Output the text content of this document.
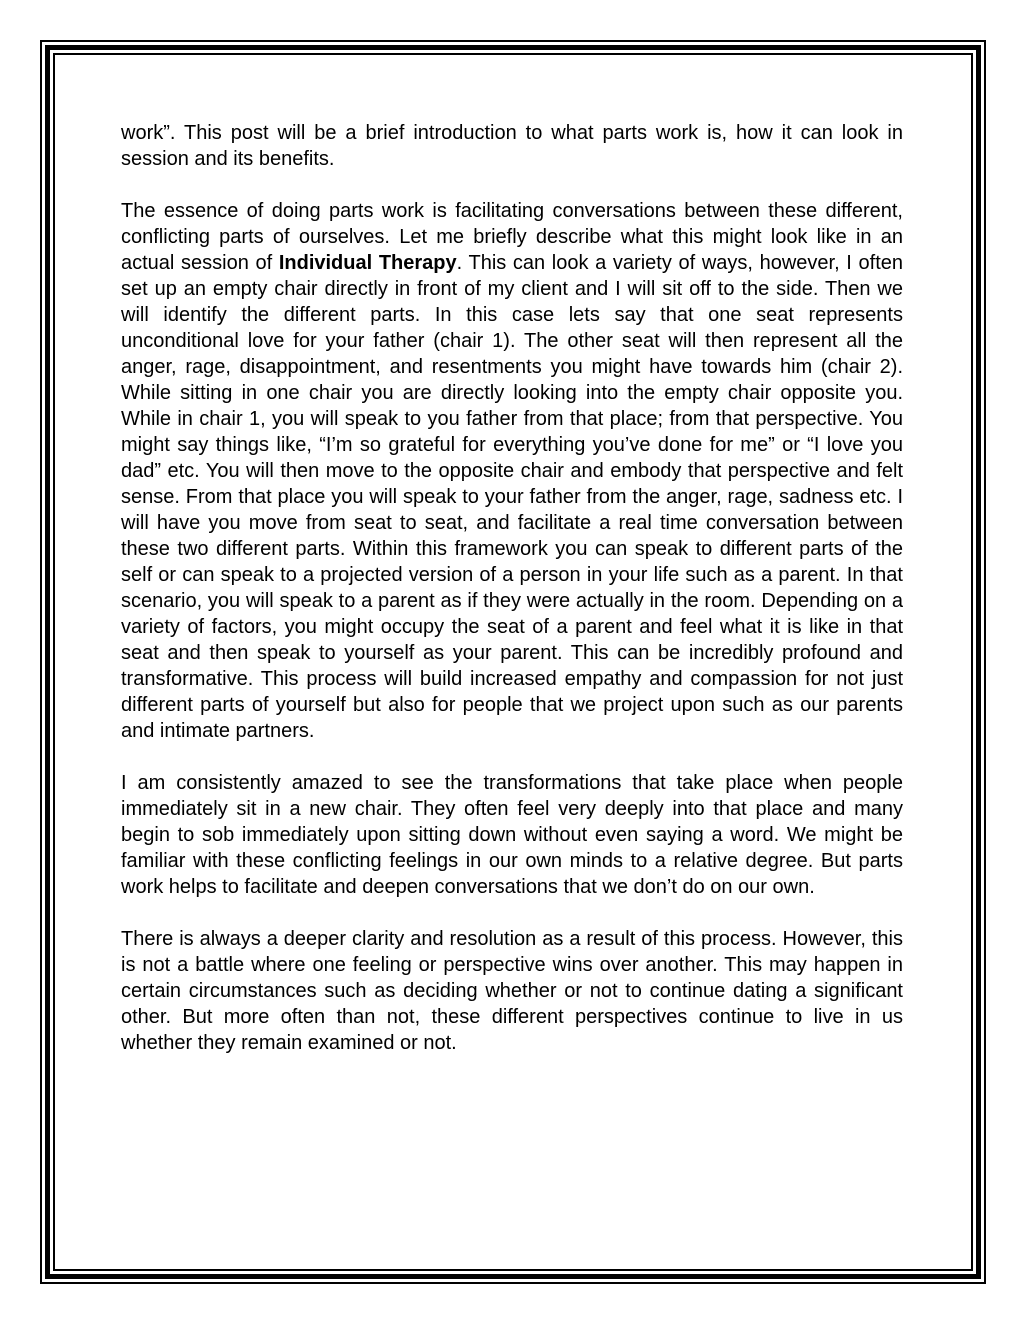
work”. This post will be a brief introduction to what parts work is, how it can look in session and its benefits.

The essence of doing parts work is facilitating conversations between these different, conflicting parts of ourselves. Let me briefly describe what this might look like in an actual session of Individual Therapy. This can look a variety of ways, however, I often set up an empty chair directly in front of my client and I will sit off to the side. Then we will identify the different parts. In this case lets say that one seat represents unconditional love for your father (chair 1). The other seat will then represent all the anger, rage, disappointment, and resentments you might have towards him (chair 2). While sitting in one chair you are directly looking into the empty chair opposite you. While in chair 1, you will speak to you father from that place; from that perspective. You might say things like, “I’m so grateful for everything you’ve done for me” or “I love you dad” etc. You will then move to the opposite chair and embody that perspective and felt sense. From that place you will speak to your father from the anger, rage, sadness etc. I will have you move from seat to seat, and facilitate a real time conversation between these two different parts. Within this framework you can speak to different parts of the self or can speak to a projected version of a person in your life such as a parent. In that scenario, you will speak to a parent as if they were actually in the room. Depending on a variety of factors, you might occupy the seat of a parent and feel what it is like in that seat and then speak to yourself as your parent. This can be incredibly profound and transformative. This process will build increased empathy and compassion for not just different parts of yourself but also for people that we project upon such as our parents and intimate partners.

I am consistently amazed to see the transformations that take place when people immediately sit in a new chair. They often feel very deeply into that place and many begin to sob immediately upon sitting down without even saying a word. We might be familiar with these conflicting feelings in our own minds to a relative degree. But parts work helps to facilitate and deepen conversations that we don’t do on our own.

There is always a deeper clarity and resolution as a result of this process. However, this is not a battle where one feeling or perspective wins over another. This may happen in certain circumstances such as deciding whether or not to continue dating a significant other. But more often than not, these different perspectives continue to live in us whether they remain examined or not.
